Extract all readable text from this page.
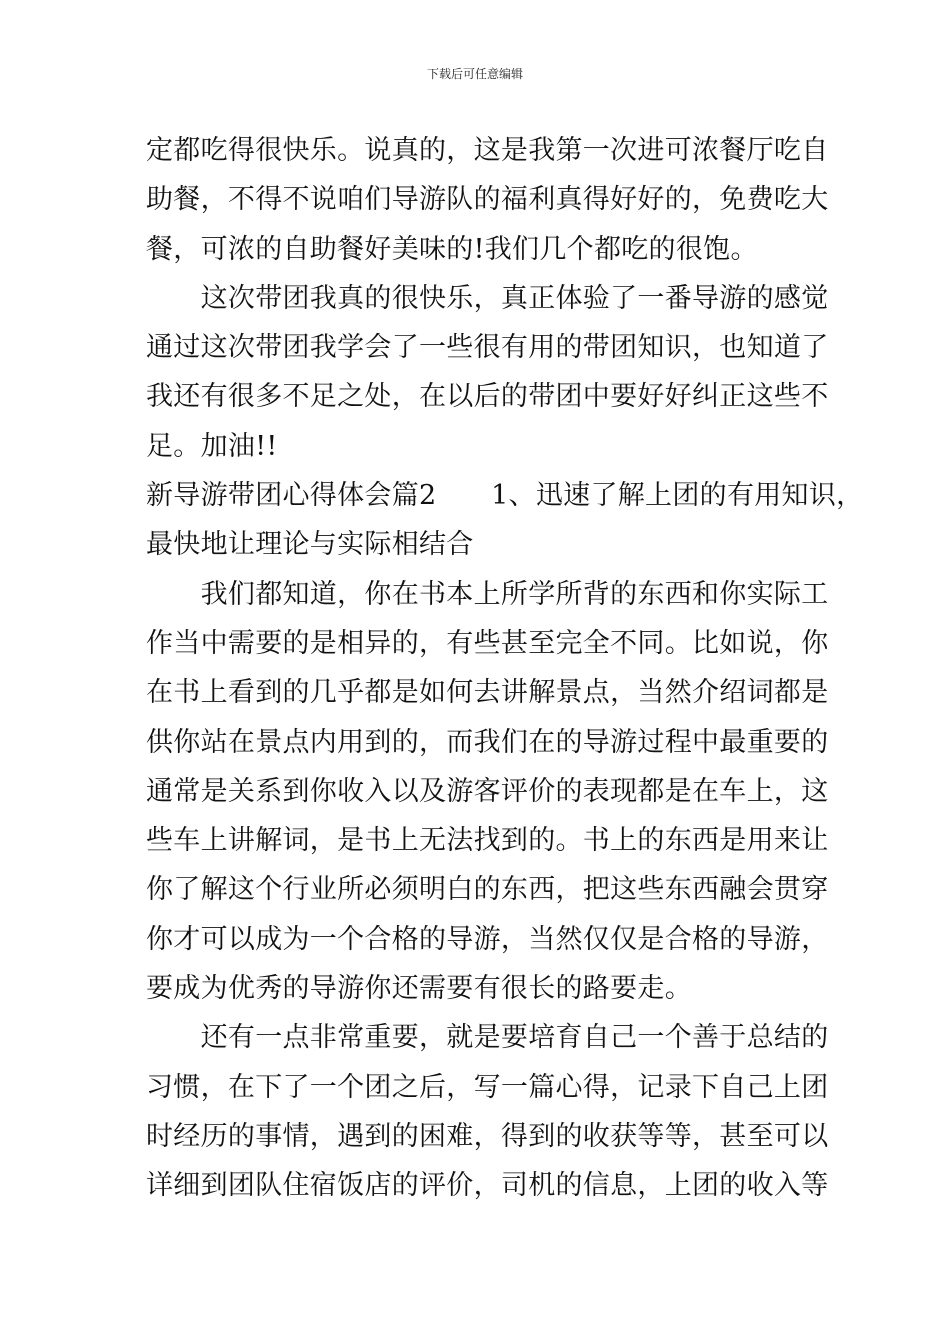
下载后可任意编辑
定都吃得很快乐。说真的，这是我第一次进可浓餐厅吃自
助餐，不得不说咱们导游队的福利真得好好的，免费吃大
餐，可浓的自助餐好美味的!我们几个都吃的很饱。
　　这次带团我真的很快乐，真正体验了一番导游的感觉
通过这次带团我学会了一些很有用的带团知识，也知道了
我还有很多不足之处，在以后的带团中要好好纠正这些不
足。加油!!
新导游带团心得体会篇2　　1、迅速了解上团的有用知识，
最快地让理论与实际相结合
　　我们都知道，你在书本上所学所背的东西和你实际工
作当中需要的是相异的，有些甚至完全不同。比如说，你
在书上看到的几乎都是如何去讲解景点，当然介绍词都是
供你站在景点内用到的，而我们在的导游过程中最重要的
通常是关系到你收入以及游客评价的表现都是在车上，这
些车上讲解词，是书上无法找到的。书上的东西是用来让
你了解这个行业所必须明白的东西，把这些东西融会贯穿
你才可以成为一个合格的导游，当然仅仅是合格的导游，
要成为优秀的导游你还需要有很长的路要走。
　　还有一点非常重要，就是要培育自己一个善于总结的
习惯，在下了一个团之后，写一篇心得，记录下自己上团
时经历的事情，遇到的困难，得到的收获等等，甚至可以
详细到团队住宿饭店的评价，司机的信息，上团的收入等
